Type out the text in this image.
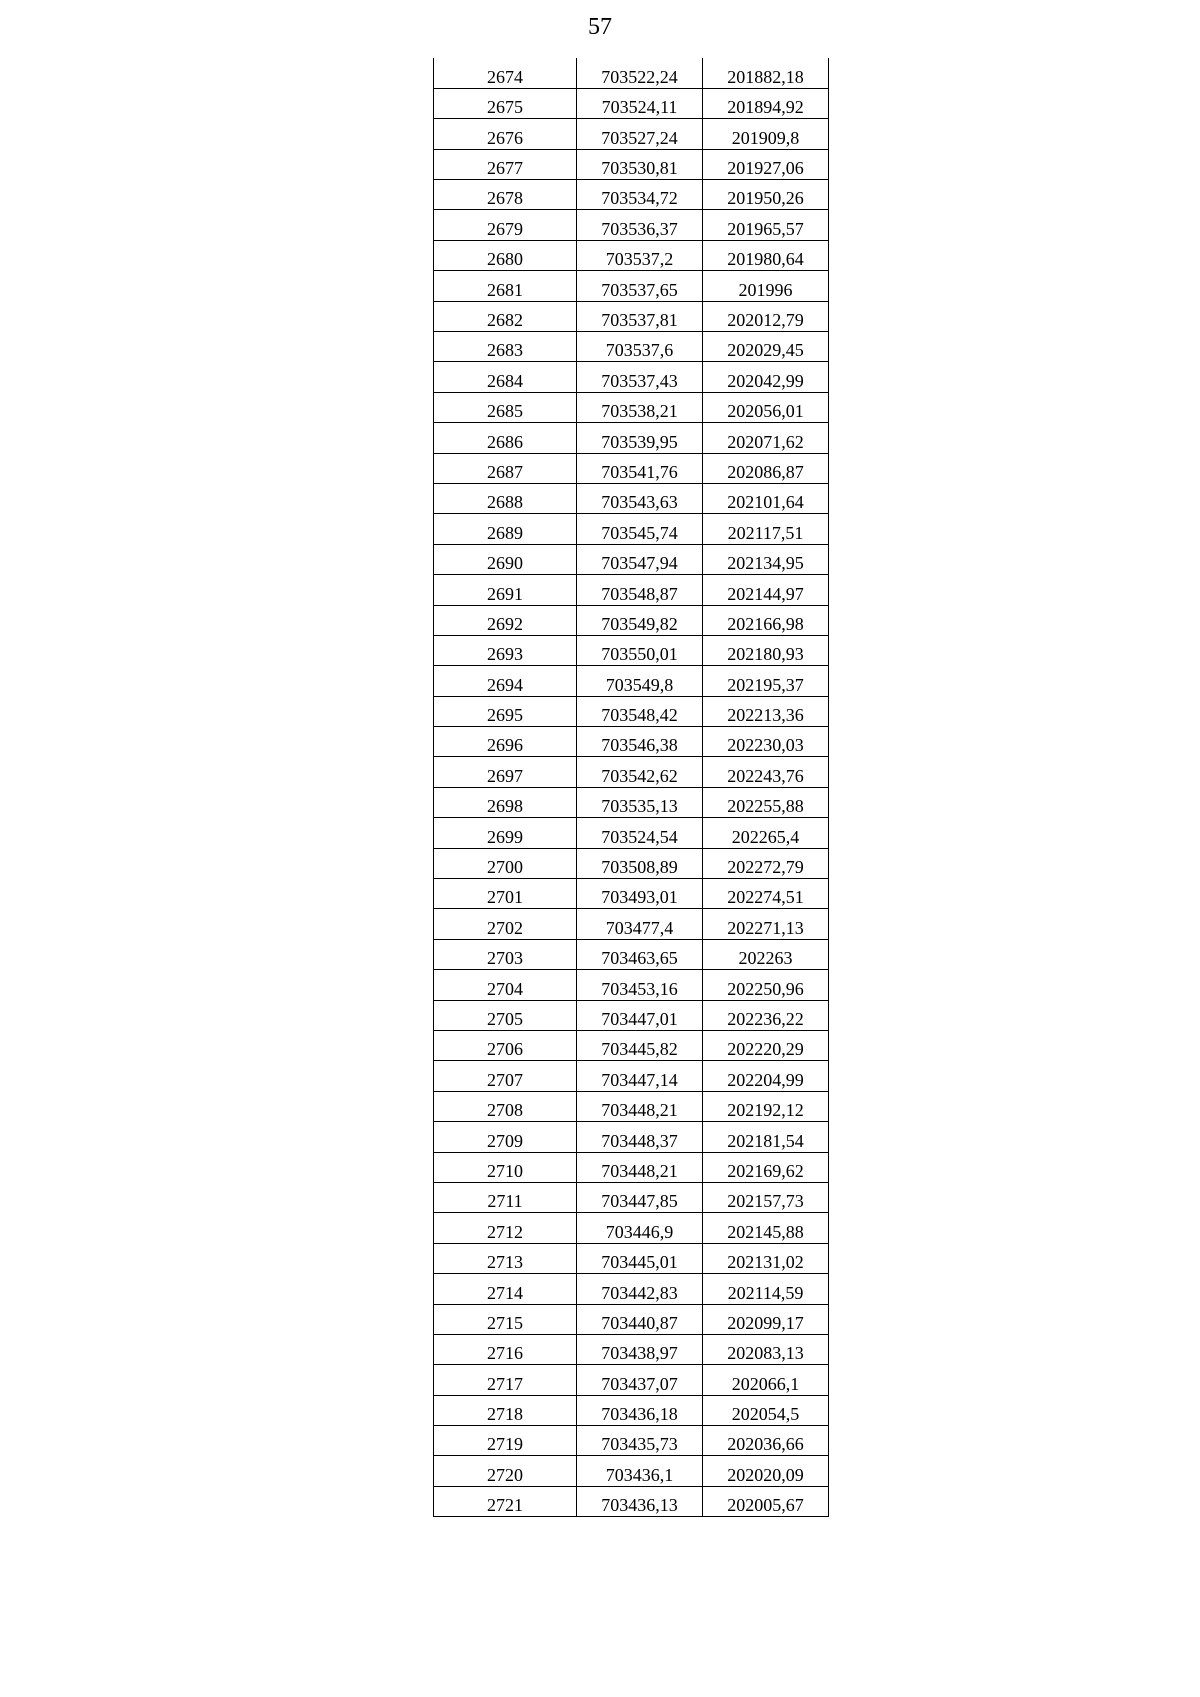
57
2674	703522,24	201882,18
2675	703524,11	201894,92
2676	703527,24	201909,8
2677	703530,81	201927,06
2678	703534,72	201950,26
2679	703536,37	201965,57
2680	703537,2	201980,64
2681	703537,65	201996
2682	703537,81	202012,79
2683	703537,6	202029,45
2684	703537,43	202042,99
2685	703538,21	202056,01
2686	703539,95	202071,62
2687	703541,76	202086,87
2688	703543,63	202101,64
2689	703545,74	202117,51
2690	703547,94	202134,95
2691	703548,87	202144,97
2692	703549,82	202166,98
2693	703550,01	202180,93
2694	703549,8	202195,37
2695	703548,42	202213,36
2696	703546,38	202230,03
2697	703542,62	202243,76
2698	703535,13	202255,88
2699	703524,54	202265,4
2700	703508,89	202272,79
2701	703493,01	202274,51
2702	703477,4	202271,13
2703	703463,65	202263
2704	703453,16	202250,96
2705	703447,01	202236,22
2706	703445,82	202220,29
2707	703447,14	202204,99
2708	703448,21	202192,12
2709	703448,37	202181,54
2710	703448,21	202169,62
2711	703447,85	202157,73
2712	703446,9	202145,88
2713	703445,01	202131,02
2714	703442,83	202114,59
2715	703440,87	202099,17
2716	703438,97	202083,13
2717	703437,07	202066,1
2718	703436,18	202054,5
2719	703435,73	202036,66
2720	703436,1	202020,09
2721	703436,13	202005,67
